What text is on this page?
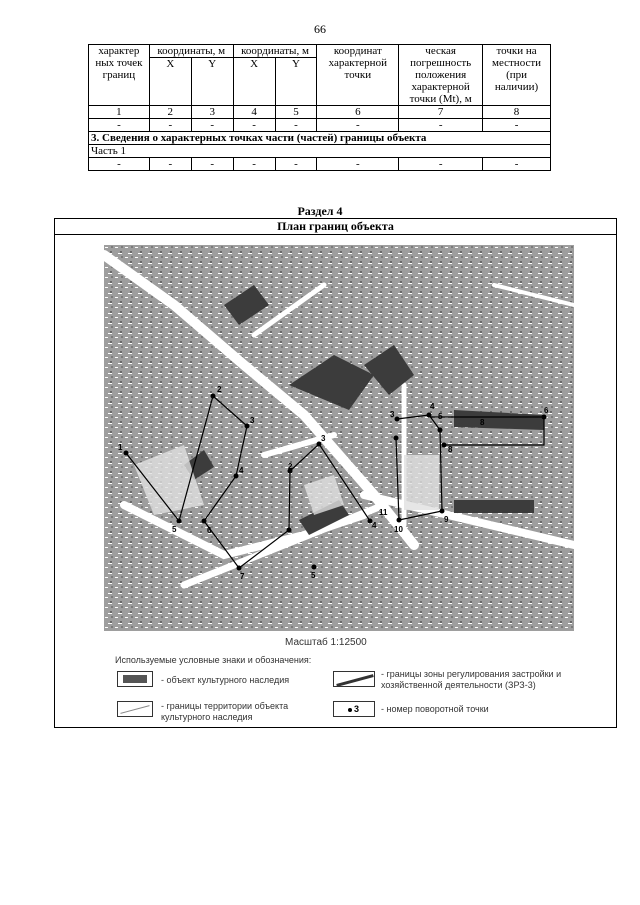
66
характер ных точек границ	координаты, м		координаты, м		координат характерной точки	ческая погрешность положения характерной точки (Mt), м	точки на местности (при наличии)
	X	Y	X	Y			
1	2	3	4	5	6	7	8
-	-	-	-	-	-	-	-
3. Сведения о характерных точках части (частей) границы объекта							
Часть 1							
-	-	-	-	-	-	-	-
Раздел 4
План границ объекта
1
2
3
4
5	6
7
8
2
3
4
5
3
4
5
6
8
9
10
11
Масштаб 1:12500
Используемые условные знаки и обозначения:
- объект культурного наследия
- границы территории объекта культурного наследия
- границы зоны регулирования застройки и хозяйственной деятельности (ЗРЗ-3)
3 - номер поворотной точки
